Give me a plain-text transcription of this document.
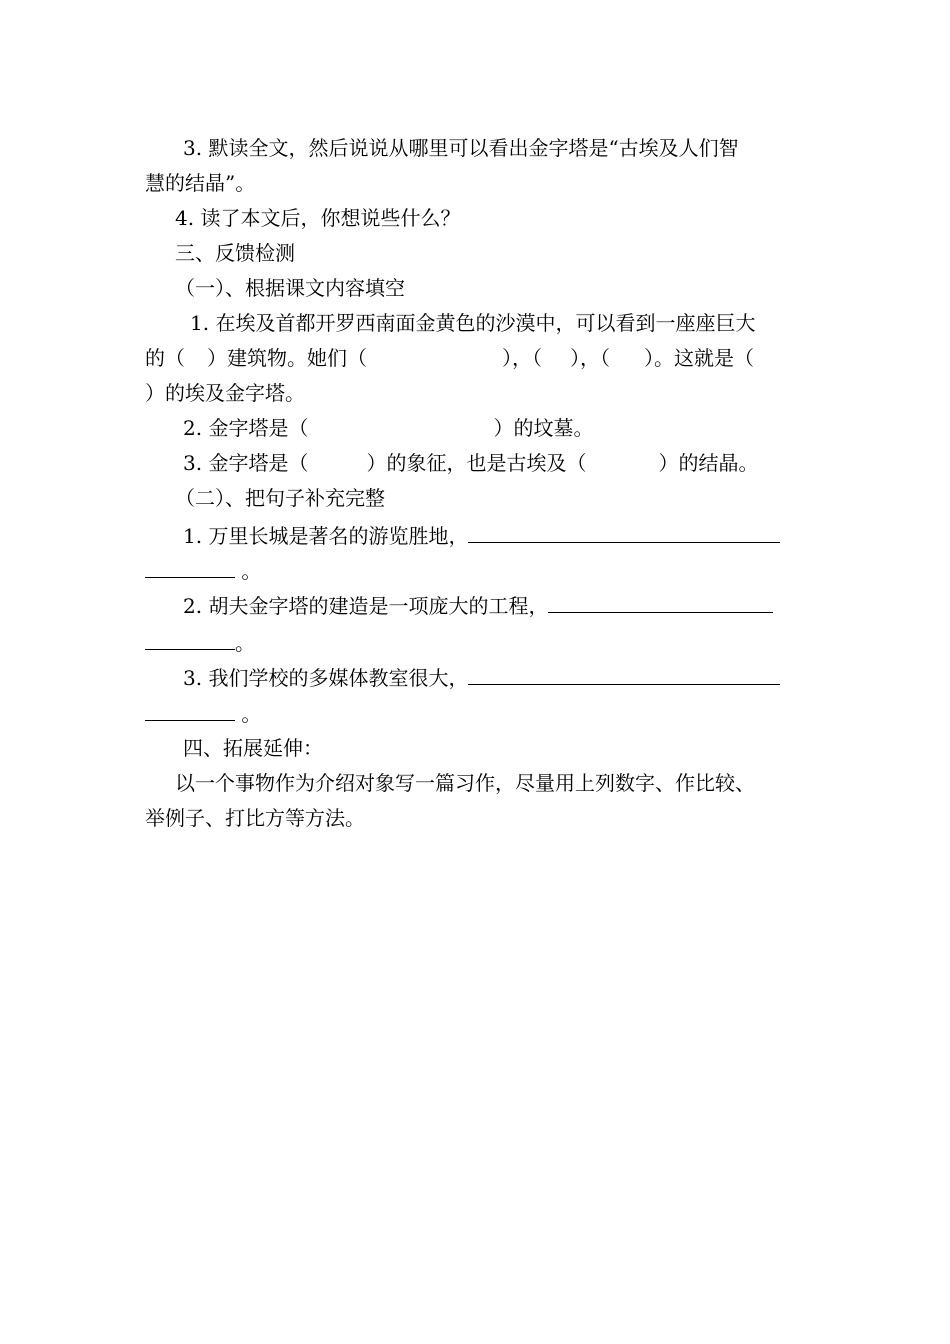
3. 默读全文，然后说说从哪里可以看出金字塔是“古埃及人们智
慧的结晶”。
4. 读了本文后，你想说些什么？
三、反馈检测
（一）、根据课文内容填空
1. 在埃及首都开罗西南面金黄色的沙漠中，可以看到一座座巨大
的（ ）建筑物。她们（	），（ ），（ ）。这就是（
）的埃及金字塔。
2. 金字塔是（	）的坟墓。
3. 金字塔是（	）的象征，也是古埃及（	）的结晶。
（二）、把句子补充完整
1. 万里长城是著名的游览胜地，
。
2. 胡夫金字塔的建造是一项庞大的工程，
。
3. 我们学校的多媒体教室很大，
。
四、拓展延伸：
以一个事物作为介绍对象写一篇习作，尽量用上列数字、作比较、
举例子、打比方等方法。
